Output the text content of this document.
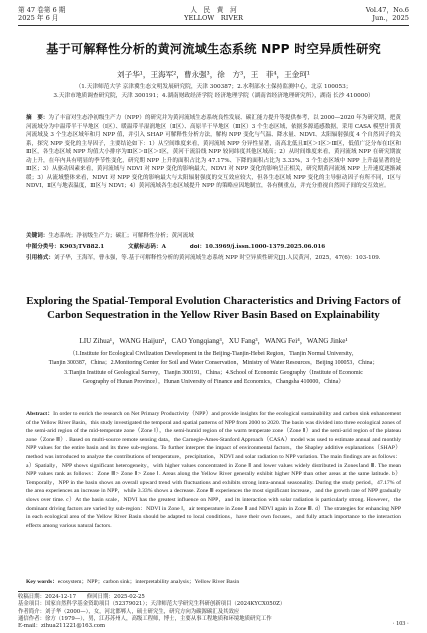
第 47 卷第 6 期
2025 年 6 月
人　民　黄　河
YELLOW　RIVER
Vol.47，No.6
Jun.，2025
基于可解释性分析的黄河流域生态系统 NPP 时空异质性研究
刘子华¹，王海军²，曹永强³，徐　方³，王　菲⁴，王金珂¹
（1.天津师范大学 京津冀生态文明发展研究院，天津 300387；2.水利部水土保持监测中心，北京 100053；
3.天津市地质调查研究院，天津 300191；4.湖南财政经济学院 经济地理学院（湖南省经济地理研究所），湖南 长沙 410000）
摘　要：为了丰富对生态净初级生产力（NPP）的研究并为黄河流域生态系统良性发展、碳汇能力提升等提供参考，以 2000—2020 年为研究期，把黄河流域分为中温带半干旱地区（Ⅰ区）、暖温带半湿润地区（Ⅱ区）、高原半干旱地区（Ⅲ区）3 个生态区域，依据多源遥感数据，采用 CASA 模型计算黄河流域及 3 个生态区域年和月 NPP 值，并引入 SHAP 可解释性分析方法，解构 NPP 变化与气温、降水量、NDVI、太阳辐射强度 4 个自然因子的关系，探究 NPP 变化的主导因子，主要结论如下：1）从空间维度来看，黄河流域 NPP 分异性显著，南高北低且Ⅱ区＞Ⅰ区＞Ⅲ区，低值广泛分布在Ⅰ区和Ⅲ区，各生态区域 NPP 均值大小排序为Ⅲ区＞Ⅱ区＞Ⅰ区，黄河干流沿线 NPP 较同纬度其他区域高；2）从时间维度来看，黄河流域 NPP 在研究期波动上升，在年内具有明显的季节性变化，研究期 NPP 上升的面积占比为 47.17%、下降的面积占比为 3.33%，3 个生态区域中 NPP 上升最显著的是Ⅲ区；3）从驱动因素来看，黄河流域与 NDVI 对 NPP 变化的影响最大，NDVI 对 NPP 变化的影响呈正相关，研究期黄河流域 NPP 上升速度逐渐减缓；3）从流域整体来看，NDVI 对 NPP 变化的影响最大与太阳辐射强度的交互效应较大，但各生态区域 NPP 变化的主导驱动因子有所不同，Ⅰ区与 NDVI，Ⅱ区与地表温度，Ⅲ区与 NDVI；4）黄河流域各生态区域提升 NPP 的策略应因地制宜，各有侧重点，并充分重视自然因子间的交互效应。
关键词：生态系统；净初级生产力；碳汇；可解释性分析；黄河流域
中图分类号：K903;TV882.1	文献标志码：A	doi：10.3969/j.issn.1000-1379.2025.06.016
引用格式：刘子华，王海军，曹永强，等.基于可解释性分析的黄河流域生态系统 NPP 时空异质性研究[J].人民黄河，2025，47(6)：103-109.
Exploring the Spatial-Temporal Evolution Characteristics and Driving Factors of Carbon Sequestration in the Yellow River Basin Based on Explainability
LIU Zihua¹，WANG Haijun²，CAO Yongqiang³，XU Fang³，WANG Fei⁴，WANG Jinke¹
（1.Institute for Ecological Civilization Development in the Beijing-Tianjin-Hebei Region，Tianjin Normal University，
Tianjin 300387，China；2.Monitoring Center for Soil and Water Conservation，Ministry of Water Resources，Beijing 100053，China；
3.Tianjin Institute of Geological Survey，Tianjin 300191，China；4.School of Economic Geography（Institute of Economic
Geography of Hunan Province），Hunan University of Finance and Economics，Changsha 410000，China）
Abstract：In order to enrich the research on Net Primary Productivity（NPP）and provide insights for the ecological sustainability and carbon sink enhancement of the Yellow River Basin，this study investigated the temporal and spatial patterns of NPP from 2000 to 2020. The basin was divided into three ecological zones of the semi-arid region of the mid-temperate zone（Zone Ⅰ），the semi-humid region of the warm temperate zone（Zone Ⅱ）and the semi-arid region of the plateau zone（Zone Ⅲ）. Based on multi-source remote sensing data，the Carnegie-Ames-Stanford Approach（CASA）model was used to estimate annual and monthly NPP values for the entire basin and its three sub-regions. To further interpret the impact of environmental factors，the Shapley additive explanations（SHAP）method was introduced to analyze the contributions of temperature，precipitation，NDVI and solar radiation to NPP variation. The main findings are as follows：a）Spatially，NPP shows significant heterogeneity，with higher values concentrated in Zone Ⅱ and lower values widely distributed in ZonesⅠand Ⅲ. The mean NPP values rank as follows：Zone Ⅲ> Zone Ⅱ> Zone Ⅰ. Areas along the Yellow River generally exhibit higher NPP than other areas at the same latitude. b）Temporally，NPP in the basin shows an overall upward trend with fluctuations and exhibits strong intra-annual seasonality. During the study period，47.17% of the area experiences an increase in NPP，while 3.33% shows a decrease. Zone Ⅲ experiences the most significant increase，and the growth rate of NPP gradually slows over time. c）At the basin scale，NDVI has the greatest influence on NPP，and its interaction with solar radiation is particularly strong. However，the dominant driving factors are varied by sub-region：NDVI in Zone Ⅰ，air temperature in Zone Ⅱ and NDVI again in Zone Ⅲ. d）The strategies for enhancing NPP in each ecological area of the Yellow River Basin should be adapted to local conditions，have their own focuses，and fully attach importance to the interaction effects among various natural factors.
Key words：ecosystem；NPP；carbon sink；interpretability analysis；Yellow River Basin
收稿日期：2024-12-17　　修回日期：2025-02-25
基金项目：国家自然科学基金资助项目（52379021）；天津师范大学研究生科研创新项目（2024KYCX050Z）
作者简介：刘子华（2000—），女，河北邯郸人，硕士研究生，研究方向为碳源碳汇及其效应
通信作者：徐方（1979—），男，江苏苏州人，高级工程师，博士，主要从事工程地质和环境地质研究工作
E-mail：zihua211221@163.com	· 103 ·
